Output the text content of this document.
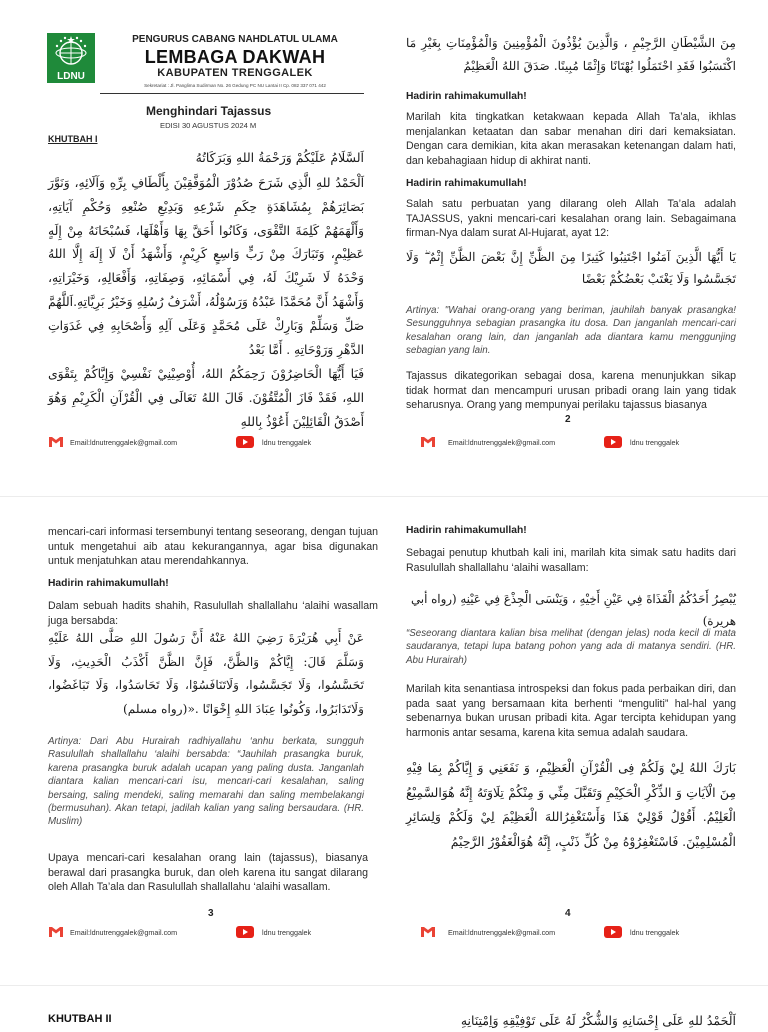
LDNU
PENGURUS CABANG NAHDLATUL ULAMA
LEMBAGA DAKWAH
KABUPATEN TRENGGALEK
Sekretariat : Jl. Panglima Sudirman No. 26 Gedung PC NU Lantai II Cp. 082 337 071 442
Menghindari Tajassus
EDISI 30 AGUSTUS 2024 M
KHUTBAH I
اَلسَّلَامُ عَلَيْكُمْ وَرَحْمَةُ اللهِ وَبَرَكَاتُهُ
اَلْحَمْدُ للهِ الَّذِي شَرَحَ صُدُوْرَ الْمُوَفَّقِيْنَ بِأَلْطَافِ بِرِّهِ وَآلَائِهِ، وَنَوَّرَ بَصَائِرَهُمْ بِمُشَاهَدَةِ حِكَمِ شَرْعِهِ وَبَدِيْعِ صُنْعِهِ وَحُكْمِ آيَاتِهِ، وَأَلْهَمَهُمْ كَلِمَةَ التَّقْوَى، وَكَانُوا أَحَقَّ بِهَا وَأَهْلَهَا، فَسُبْحَانَهُ مِنْ إِلَهٍ عَظِيْمٍ، وَتَبَارَكَ مِنْ رَبٍّ وَاسِعٍ كَرِيْمٍ، وَأَشْهَدُ أَنْ لَا إِلَهَ إِلَّا اللهُ وَحْدَهُ لَا شَرِيْكَ لَهُ، فِي أَسْمَائِهِ، وَصِفَاتِهِ، وَأَفْعَالِهِ، وَخَيْرَاتِهِ، وَأَشْهَدُ أَنَّ مُحَمَّدًا عَبْدُهُ وَرَسُوْلُهُ، أَشْرَفُ رُسُلِهِ وَخَيْرُ بَرِيَّاتِهِ.اَللَّهُمَّ صَلِّ وَسَلِّمْ وَبَارِكْ عَلَى مُحَمَّدٍ وَعَلَى آلِهِ وَأَصْحَابِهِ فِي غَدَوَاتِ الدَّهْرِ وَرَوْحَاتِهِ . أَمَّا بَعْدُ
فَيَا أَيُّهَا الْحَاضِرُوْنَ رَحِمَكُمُ اللهُ، أُوْصِيْنِيْ نَفْسِيْ وَإِيَّاكُمْ بِتَقْوَى اللهِ، فَقَدْ فَازَ الْمُتَّقُوْنَ. قَالَ اللهُ تَعَالَى فِي الْقُرْآنِ الْكَرِيْمِ وَهُوَ أَصْدَقُ الْقَائِلِيْنَ أَعُوْذُ بِاللهِ
Email:ldnutrenggalek@gmail.com	ldnu trenggalek
مِنَ الشَّيْطَانِ الرَّجِيْمِ ، وَالَّذِينَ يُؤْذُونَ الْمُؤْمِنِينَ وَالْمُؤْمِنَاتِ بِغَيْرِ مَا اكْتَسَبُوا فَقَدِ احْتَمَلُوا بُهْتَانًا وَإِثْمًا مُبِينًا. صَدَقَ اللهُ الْعَظِيْمُ
Hadirin rahimakumullah!
Marilah kita tingkatkan ketakwaan kepada Allah Ta’ala, ikhlas menjalankan ketaatan dan sabar menahan diri dari kemaksiatan. Dengan cara demikian, kita akan merasakan ketenangan dalam hati, dan kebahagiaan hidup di akhirat nanti.
Hadirin rahimakumullah!
Salah satu perbuatan yang dilarang oleh Allah Ta’ala adalah TAJASSUS, yakni mencari-cari kesalahan orang lain. Sebagaimana firman-Nya dalam surat Al-Hujarat, ayat 12:
يَا أَيُّهَا الَّذِينَ آمَنُوا اجْتَنِبُوا كَثِيرًا مِنَ الظَّنِّ إِنَّ بَعْضَ الظَّنِّ إِثْمٌ ۖ وَلَا تَجَسَّسُوا وَلَا يَغْتَبْ بَعْضُكُمْ بَعْضًا
Artinya: "Wahai orang-orang yang beriman, jauhilah banyak prasangka! Sesungguhnya sebagian prasangka itu dosa. Dan janganlah mencari-cari kesalahan orang lain, dan janganlah ada diantara kamu menggunjing sebagian yang lain.
Tajassus dikategorikan sebagai dosa, karena menunjukkan sikap tidak hormat dan mencampuri urusan pribadi orang lain yang tidak seharusnya. Orang yang mempunyai perilaku tajassus biasanya
2
Email:ldnutrenggalek@gmail.com	ldnu trenggalek
mencari-cari informasi tersembunyi tentang seseorang, dengan tujuan untuk mengetahui aib atau kekurangannya, agar bisa digunakan untuk menjatuhkan atau merendahkannya.
Hadirin rahimakumullah!
Dalam sebuah hadits shahih, Rasulullah shallallahu ‘alaihi wasallam juga bersabda:
عَنْ أَبِي هُرَيْرَةَ رَضِيَ اللهُ عَنْهُ أَنَّ رَسُولَ اللهِ صَلَّى اللهُ عَلَيْهِ وَسَلَّمَ قَالَ: إِيَّاكُمْ وَالظَّنَّ، فَإِنَّ الظَّنَّ أَكْذَبُ الْحَدِيثِ، وَلَا تَحَسَّسُوا، وَلَا تَجَسَّسُوا، وَلَاتَنَافَسُوْا، وَلَا تَحَاسَدُوا، وَلَا تَبَاغَضُوا، وَلَاتَدَابَرُوا، وَكُونُوا عِبَادَ اللهِ إِخْوَانًا .«(رواه مسلم)
Artinya: Dari Abu Hurairah radhiyallahu ‘anhu berkata, sungguh Rasulullah shallallahu ‘alaihi bersabda: “Jauhilah prasangka buruk, karena prasangka buruk adalah ucapan yang paling dusta. Janganlah diantara kalian mencari-cari isu, mencari-cari kesalahan, saling bersaing, saling mendeki, saling memarahi dan saling membelakangi (bermusuhan). Akan tetapi, jadilah kalian yang saling bersaudara. (HR. Muslim)
Upaya mencari-cari kesalahan orang lain (tajassus), biasanya berawal dari prasangka buruk, dan oleh karena itu sangat dilarang oleh Allah Ta’ala dan Rasulullah shallallahu ‘alaihi wasallam.
3
Email:ldnutrenggalek@gmail.com	ldnu trenggalek
Hadirin rahimakumullah!
Sebagai penutup khutbah kali ini, marilah kita simak satu hadits dari Rasulullah shallallahu ‘alaihi wasallam:
يُبْصِرُ أَحَدُكُمُ الْقَذَاةَ فِي عَيْنِ أَخِيْهِ ، وَيَنْسَى الْجِذْعَ فِي عَيْنِهِ (رواه أبي هريرة)
“Seseorang diantara kalian bisa melihat (dengan jelas) noda kecil di mata saudaranya, tetapi lupa batang pohon yang ada di matanya sendiri. (HR. Abu Hurairah)
Marilah kita senantiasa introspeksi dan fokus pada perbaikan diri, dan pada saat yang bersamaan kita berhenti “menguliti” hal-hal yang sebenarnya bukan urusan pribadi kita. Agar tercipta kehidupan yang harmonis antar sesama, karena kita semua adalah saudara.
بَارَكَ اللهُ لِيْ وَلَكُمْ فِى الْقُرْآنِ الْعَظِيْمِ، وَ نَفَعَنِي وَ إِيَّاكُمْ بِمَا فِيْهِ مِنَ الْآيَاتِ وَ الذِّكْرِ الْحَكِيْمِ وَتَقَبَّلَ مِنِّي وَ مِنْكُمْ تِلَاوَتَهُ إِنَّهُ هُوَالسَّمِيْعُ الْعَلِيْمُ. أَقُوْلُ قَوْلِيْ هَذَا وَأَسْتَغْفِرُاللهَ الْعَظِيْمَ لِيْ وَلَكُمْ وَلِسَائِرِ الْمُسْلِمِيْنَ. فَاسْتَغْفِرُوْهُ مِنْ كُلِّ ذَنْبٍ، إِنَّهُ هُوَالْغَفُوْرُ الرَّحِيْمُ
4
Email:ldnutrenggalek@gmail.com	ldnu trenggalek
KHUTBAH II	اَلْحَمْدُ للهِ عَلَى إِحْسَانِهِ وَالشُّكْرُ لَهُ عَلَى تَوْفِيْقِهِ وَاِمْتِنَانِهِ
